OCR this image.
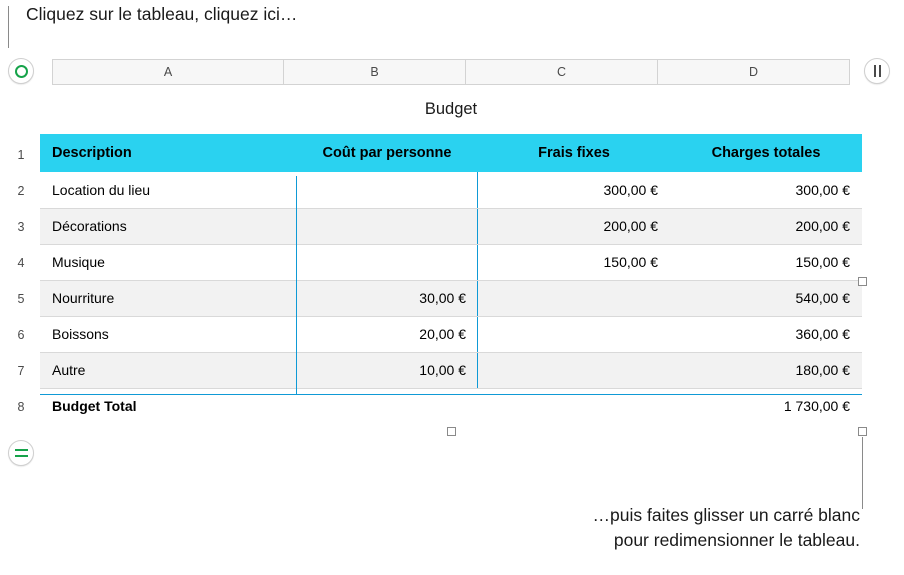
Cliquez sur le tableau, cliquez ici…
A	B	C	D
1
2
3
4
5
6
7
8
Budget
Description	Coût par personne	Frais fixes	Charges totales
Location du lieu		300,00 €	300,00 €
Décorations		200,00 €	200,00 €
Musique		150,00 €	150,00 €
Nourriture	30,00 €		540,00 €
Boissons	20,00 €		360,00 €
Autre	10,00 €		180,00 €
Budget Total			1 730,00 €
…puis faites glisser un carré blanc
pour redimensionner le tableau.
